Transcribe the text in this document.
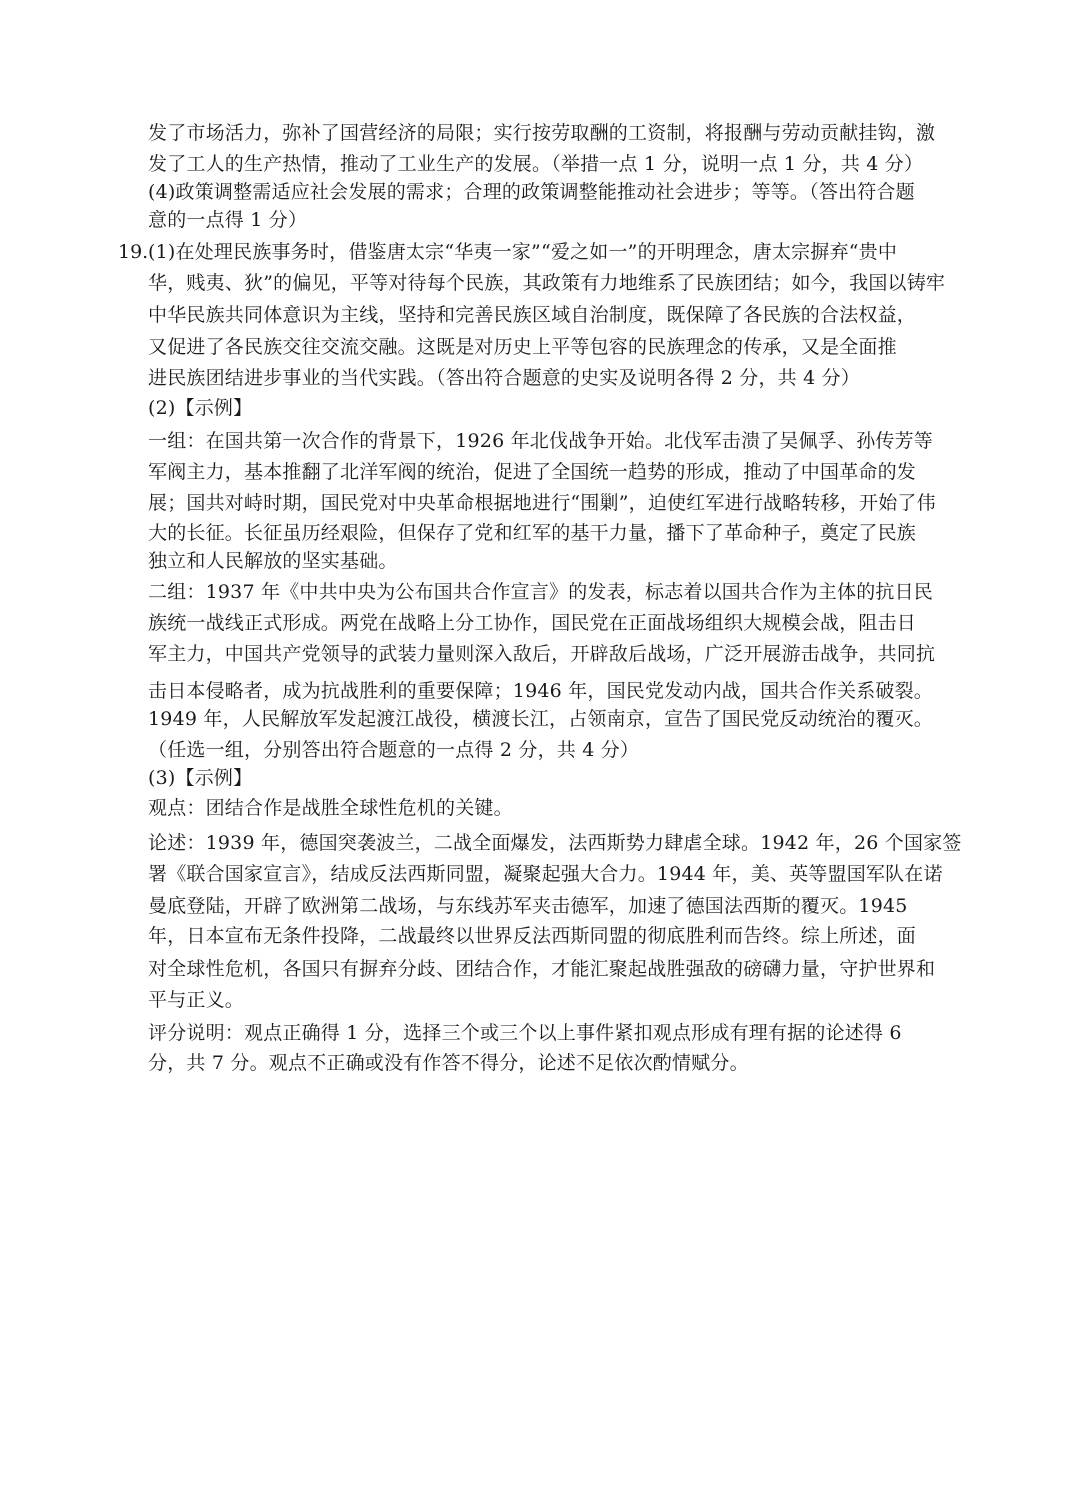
19.
发了市场活力，弥补了国营经济的局限；实行按劳取酬的工资制，将报酬与劳动贡献挂钩，激
发了工人的生产热情，推动了工业生产的发展。（举措一点 1 分，说明一点 1 分，共 4 分）
(4)政策调整需适应社会发展的需求；合理的政策调整能推动社会进步；等等。（答出符合题
意的一点得 1 分）
(1)在处理民族事务时，借鉴唐太宗“华夷一家”“爱之如一”的开明理念，唐太宗摒弃“贵中
华，贱夷、狄”的偏见，平等对待每个民族，其政策有力地维系了民族团结；如今，我国以铸牢
中华民族共同体意识为主线，坚持和完善民族区域自治制度，既保障了各民族的合法权益，
又促进了各民族交往交流交融。这既是对历史上平等包容的民族理念的传承，又是全面推
进民族团结进步事业的当代实践。（答出符合题意的史实及说明各得 2 分，共 4 分）
(2)【示例】
一组：在国共第一次合作的背景下，1926 年北伐战争开始。北伐军击溃了吴佩孚、孙传芳等
军阀主力，基本推翻了北洋军阀的统治，促进了全国统一趋势的形成，推动了中国革命的发
展；国共对峙时期，国民党对中央革命根据地进行“围剿”，迫使红军进行战略转移，开始了伟
大的长征。长征虽历经艰险，但保存了党和红军的基干力量，播下了革命种子，奠定了民族
独立和人民解放的坚实基础。
二组：1937 年《中共中央为公布国共合作宣言》的发表，标志着以国共合作为主体的抗日民
族统一战线正式形成。两党在战略上分工协作，国民党在正面战场组织大规模会战，阻击日
军主力，中国共产党领导的武装力量则深入敌后，开辟敌后战场，广泛开展游击战争，共同抗
击日本侵略者，成为抗战胜利的重要保障；1946 年，国民党发动内战，国共合作关系破裂。
1949 年，人民解放军发起渡江战役，横渡长江，占领南京，宣告了国民党反动统治的覆灭。
（任选一组，分别答出符合题意的一点得 2 分，共 4 分）
(3)【示例】
观点：团结合作是战胜全球性危机的关键。
论述：1939 年，德国突袭波兰，二战全面爆发，法西斯势力肆虐全球。1942 年，26 个国家签
署《联合国家宣言》，结成反法西斯同盟，凝聚起强大合力。1944 年，美、英等盟国军队在诺
曼底登陆，开辟了欧洲第二战场，与东线苏军夹击德军，加速了德国法西斯的覆灭。1945
年，日本宣布无条件投降，二战最终以世界反法西斯同盟的彻底胜利而告终。综上所述，面
对全球性危机，各国只有摒弃分歧、团结合作，才能汇聚起战胜强敌的磅礴力量，守护世界和
平与正义。
评分说明：观点正确得 1 分，选择三个或三个以上事件紧扣观点形成有理有据的论述得 6
分，共 7 分。观点不正确或没有作答不得分，论述不足依次酌情赋分。
